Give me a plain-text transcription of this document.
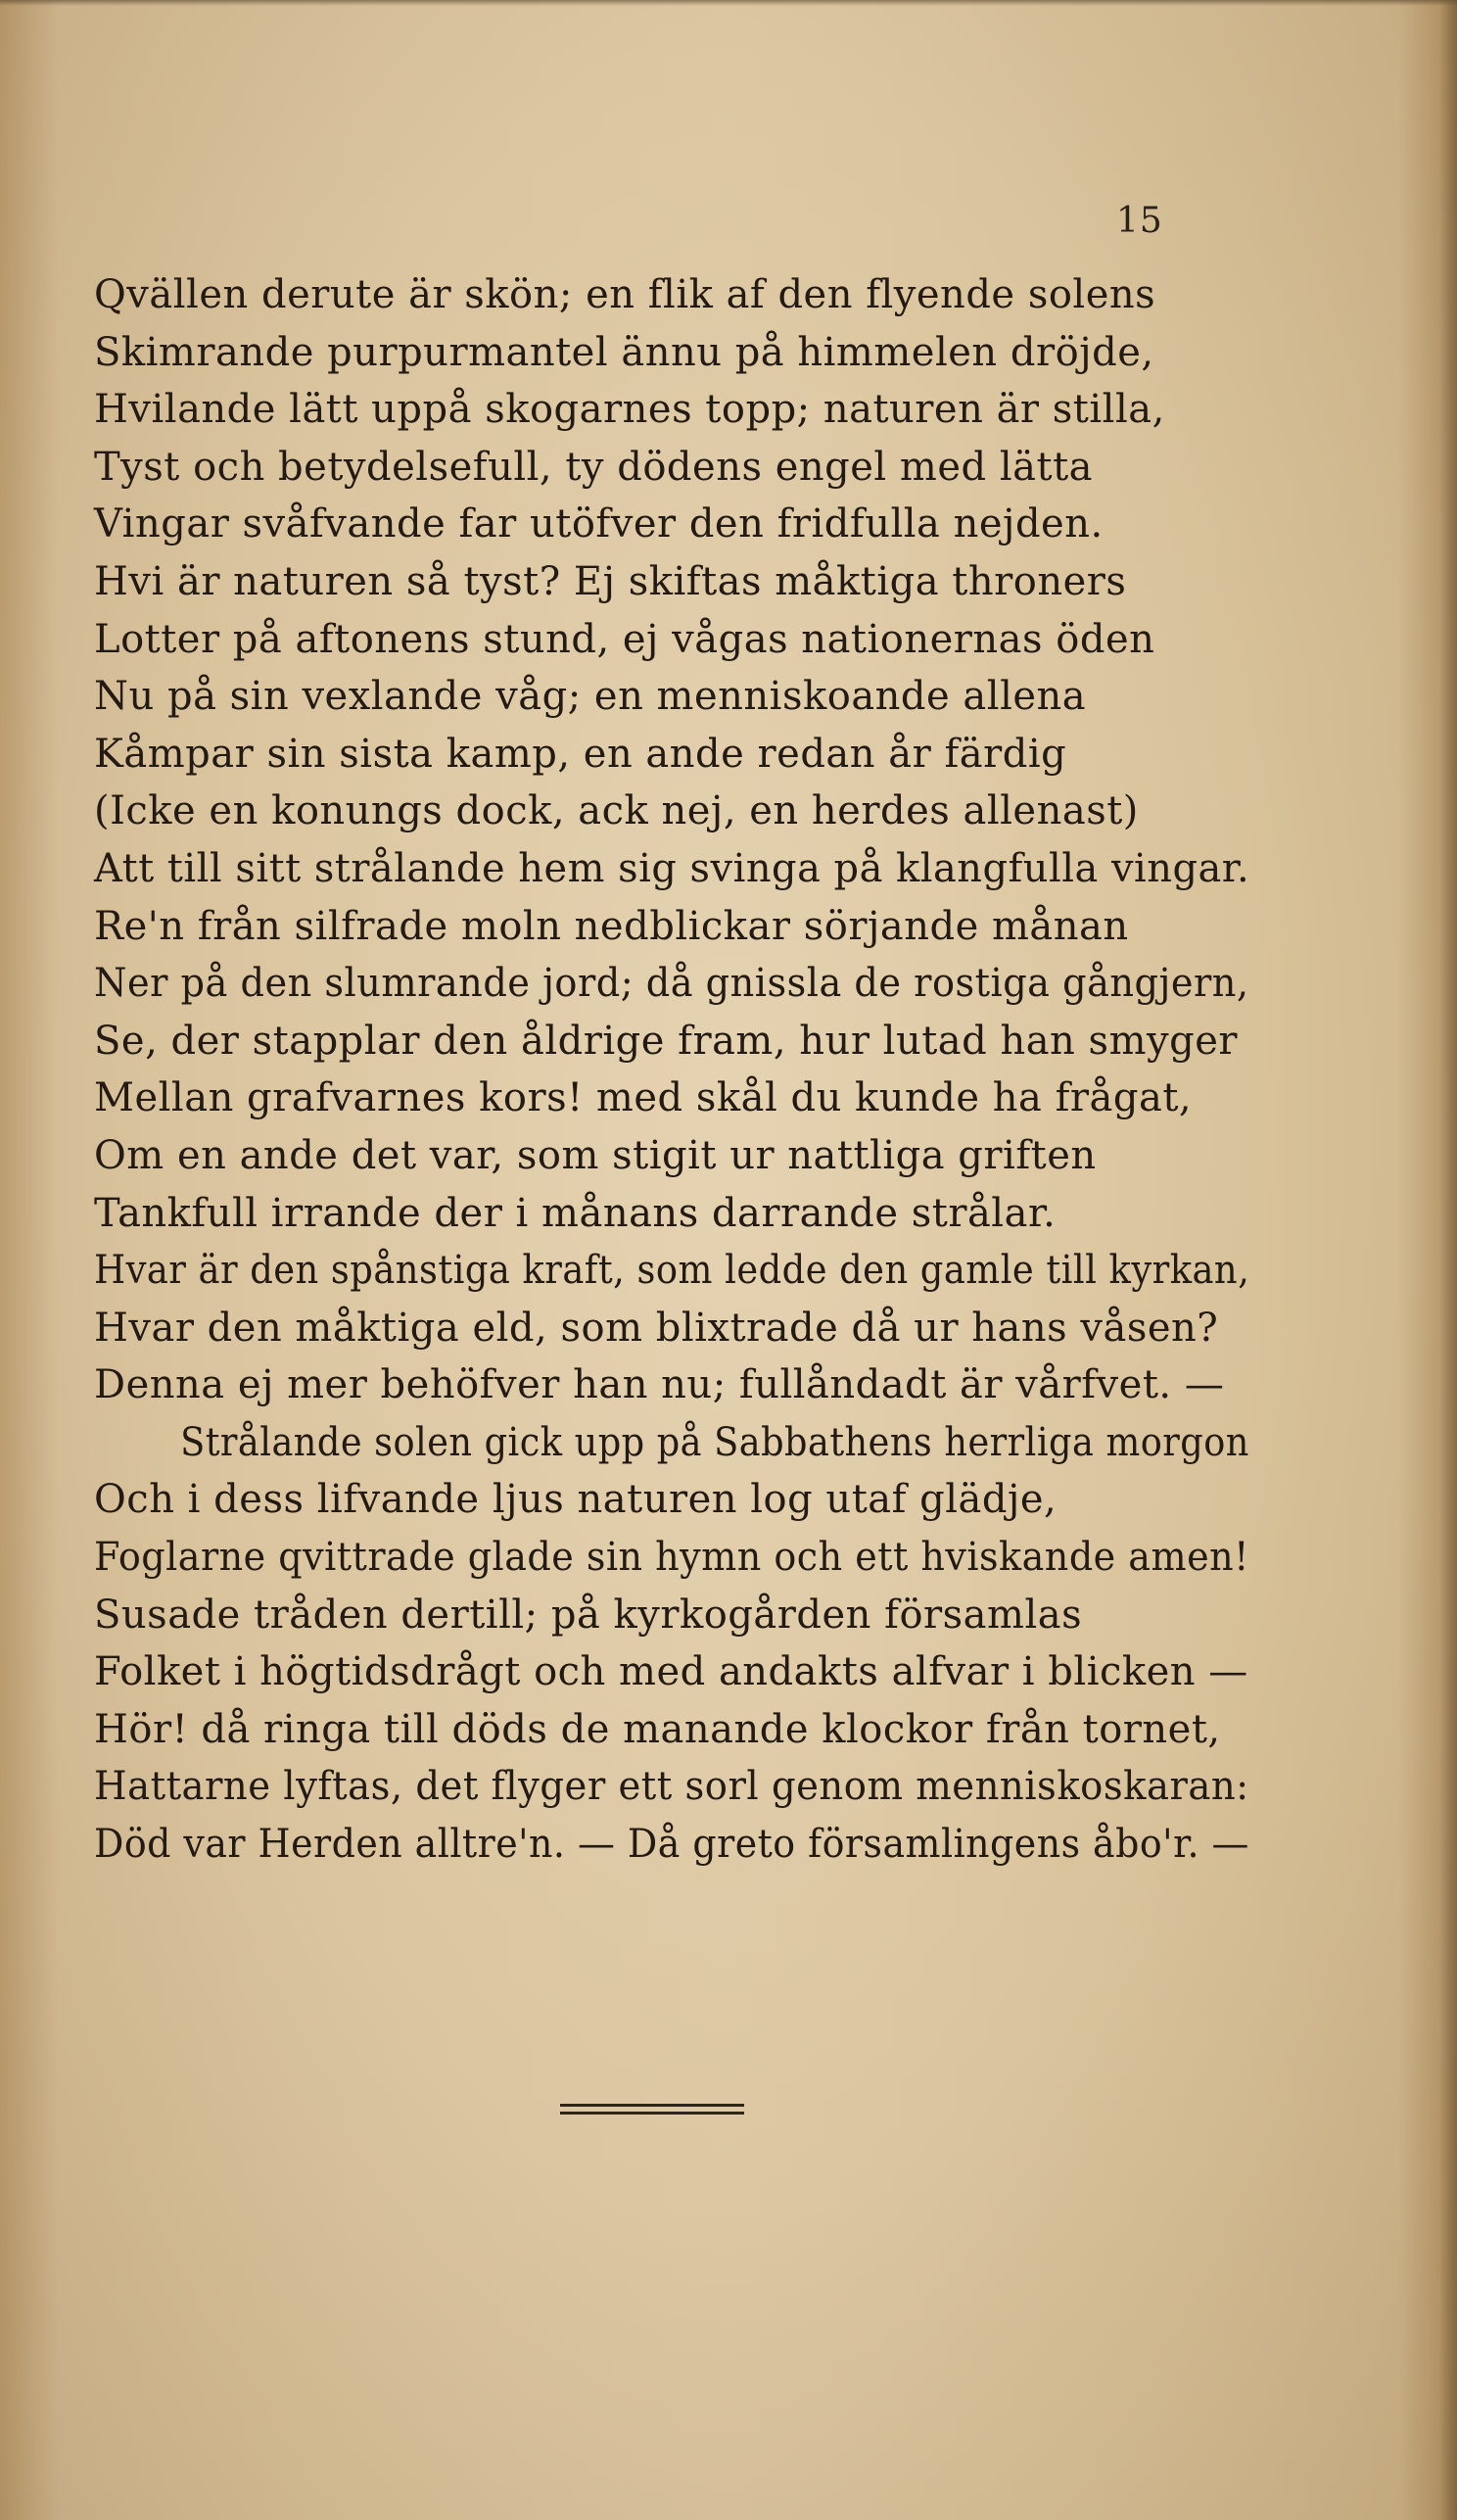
15
Qvällen derute är skön; en flik af den flyende solens
Skimrande purpurmantel ännu på himmelen dröjde,
Hvilande lätt uppå skogarnes topp; naturen är stilla,
Tyst och betydelsefull, ty dödens engel med lätta
Vingar svåfvande far utöfver den fridfulla nejden.
Hvi är naturen så tyst? Ej skiftas måktiga throners
Lotter på aftonens stund, ej vågas nationernas öden
Nu på sin vexlande våg; en menniskoande allena
Kåmpar sin sista kamp, en ande redan år färdig
(Icke en konungs dock, ack nej, en herdes allenast)
Att till sitt strålande hem sig svinga på klangfulla vingar.
Re'n från silfrade moln nedblickar sörjande månan
Ner på den slumrande jord; då gnissla de rostiga gångjern,
Se, der stapplar den åldrige fram, hur lutad han smyger
Mellan grafvarnes kors! med skål du kunde ha frågat,
Om en ande det var, som stigit ur nattliga griften
Tankfull irrande der i månans darrande strålar.
Hvar är den spånstiga kraft, som ledde den gamle till kyrkan,
Hvar den måktiga eld, som blixtrade då ur hans våsen?
Denna ej mer behöfver han nu; fullåndadt är vårfvet. —
Strålande solen gick upp på Sabbathens herrliga morgon
Och i dess lifvande ljus naturen log utaf glädje,
Foglarne qvittrade glade sin hymn och ett hviskande amen!
Susade tråden dertill; på kyrkogården församlas
Folket i högtidsdrågt och med andakts alfvar i blicken —
Hör! då ringa till döds de manande klockor från tornet,
Hattarne lyftas, det flyger ett sorl genom menniskoskaran:
Död var Herden alltre'n. — Då greto församlingens åbo'r. —
